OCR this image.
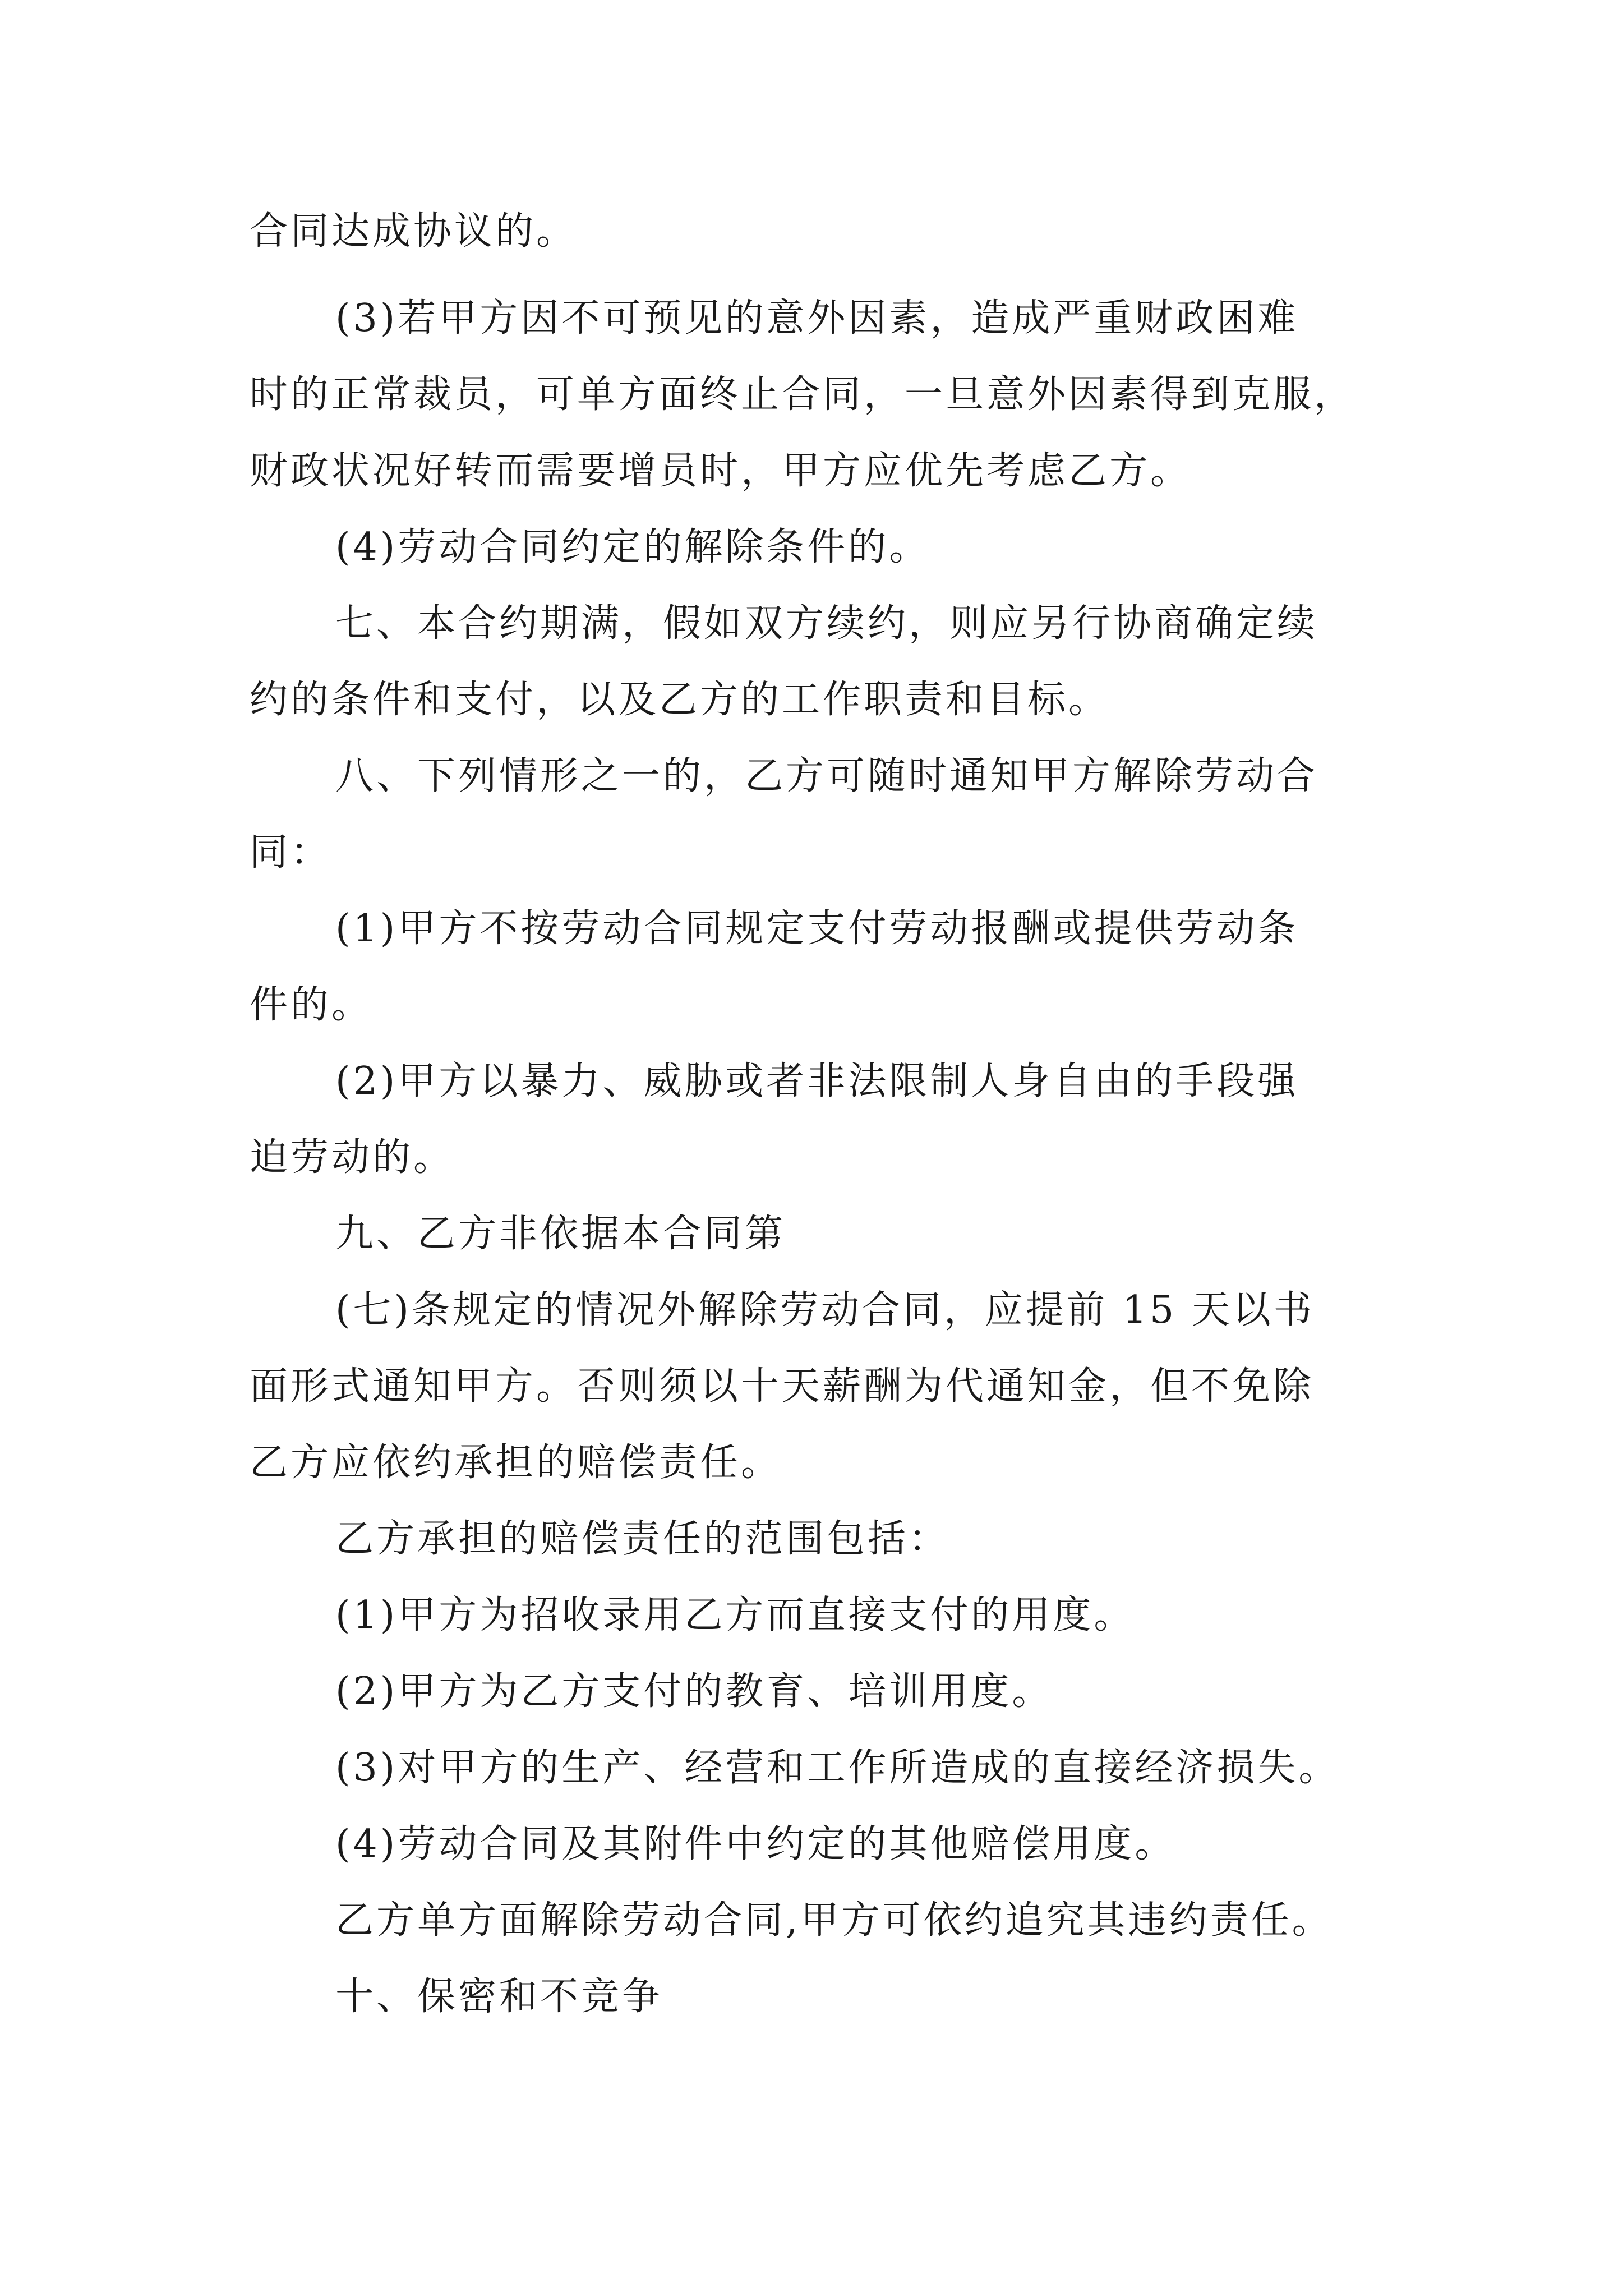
合同达成协议的。

(3)若甲方因不可预见的意外因素，造成严重财政困难

时的正常裁员，可单方面终止合同，一旦意外因素得到克服，

财政状况好转而需要增员时，甲方应优先考虑乙方。

(4)劳动合同约定的解除条件的。

七、本合约期满，假如双方续约，则应另行协商确定续

约的条件和支付，以及乙方的工作职责和目标。

八、下列情形之一的，乙方可随时通知甲方解除劳动合

同：

(1)甲方不按劳动合同规定支付劳动报酬或提供劳动条

件的。

(2)甲方以暴力、威胁或者非法限制人身自由的手段强

迫劳动的。

九、乙方非依据本合同第

(七)条规定的情况外解除劳动合同，应提前 15 天以书

面形式通知甲方。否则须以十天薪酬为代通知金，但不免除

乙方应依约承担的赔偿责任。

乙方承担的赔偿责任的范围包括：

(1)甲方为招收录用乙方而直接支付的用度。

(2)甲方为乙方支付的教育、培训用度。

(3)对甲方的生产、经营和工作所造成的直接经济损失。

(4)劳动合同及其附件中约定的其他赔偿用度。

乙方单方面解除劳动合同,甲方可依约追究其违约责任。

十、保密和不竞争
